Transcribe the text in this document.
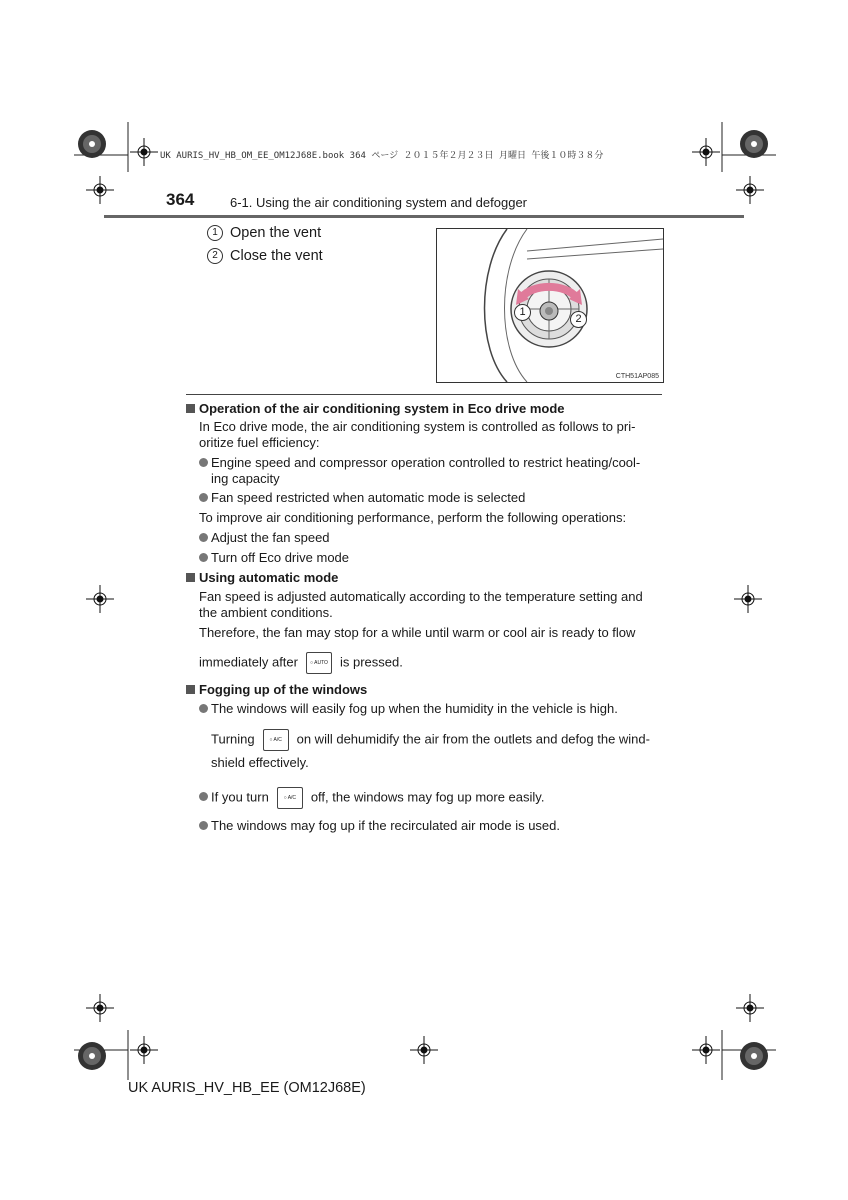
UK AURIS_HV_HB_OM_EE_OM12J68E.book 364 ページ ２０１５年２月２３日 月曜日 午後１０時３８分
364	6-1. Using the air conditioning system and defogger
1 Open the vent
2 Close the vent
1
2
CTH51AP085
Operation of the air conditioning system in Eco drive mode
In Eco drive mode, the air conditioning system is controlled as follows to pri-
oritize fuel efficiency:
Engine speed and compressor operation controlled to restrict heating/cool-
ing capacity
Fan speed restricted when automatic mode is selected
To improve air conditioning performance, perform the following operations:
Adjust the fan speed
Turn off Eco drive mode
Using automatic mode
Fan speed is adjusted automatically according to the temperature setting and
the ambient conditions.
Therefore, the fan may stop for a while until warm or cool air is ready to flow
immediately after ○ AUTO is pressed.
Fogging up of the windows
The windows will easily fog up when the humidity in the vehicle is high.
Turning	○ A/C on will dehumidify the air from the outlets and defog the wind-
shield effectively.
If you turn	○ A/C off, the windows may fog up more easily.
The windows may fog up if the recirculated air mode is used.
UK AURIS_HV_HB_EE (OM12J68E)
